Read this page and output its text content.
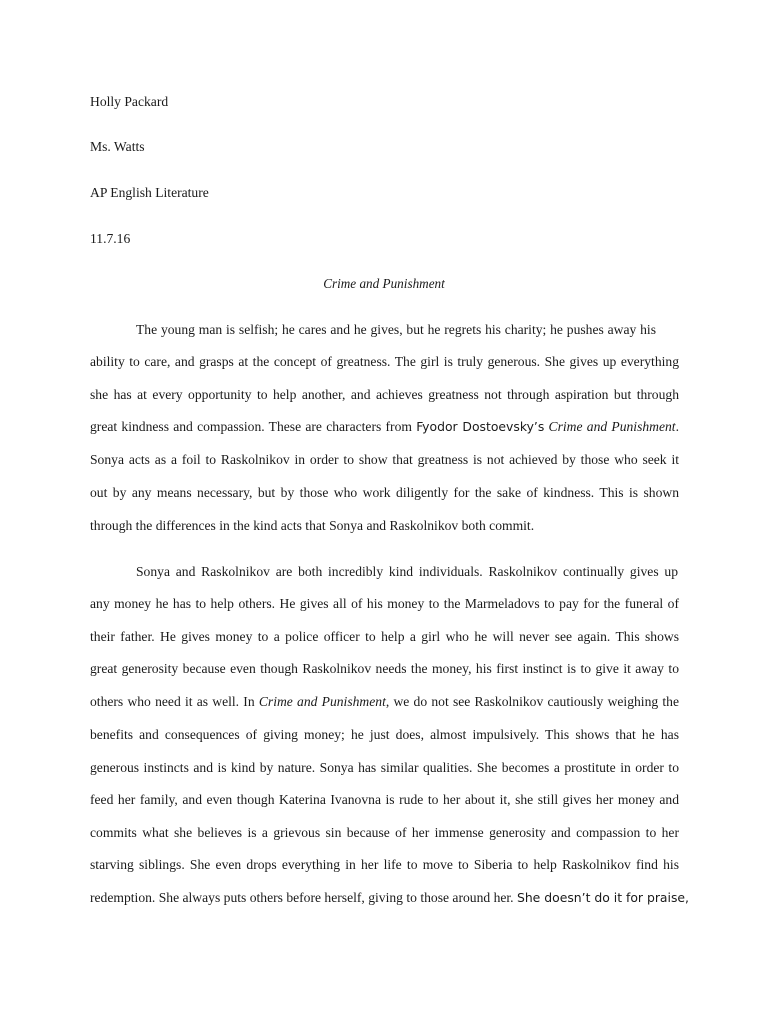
Holly Packard
Ms. Watts
AP English Literature
11.7.16
Crime and Punishment
The young man is selfish; he cares and he gives, but he regrets his charity; he pushes away his
ability to care, and grasps at the concept of greatness. The girl is truly generous. She gives up everything
she has at every opportunity to help another, and achieves greatness not through aspiration but through
great kindness and compassion. These are characters from Fyodor Dostoevsky’s Crime and Punishment.
Sonya acts as a foil to Raskolnikov in order to show that greatness is not achieved by those who seek it
out by any means necessary, but by those who work diligently for the sake of kindness. This is shown
through the differences in the kind acts that Sonya and Raskolnikov both commit.
Sonya and Raskolnikov are both incredibly kind individuals. Raskolnikov continually gives up
any money he has to help others. He gives all of his money to the Marmeladovs to pay for the funeral of
their father. He gives money to a police officer to help a girl who he will never see again. This shows
great generosity because even though Raskolnikov needs the money, his first instinct is to give it away to
others who need it as well. In Crime and Punishment, we do not see Raskolnikov cautiously weighing the
benefits and consequences of giving money; he just does, almost impulsively. This shows that he has
generous instincts and is kind by nature. Sonya has similar qualities. She becomes a prostitute in order to
feed her family, and even though Katerina Ivanovna is rude to her about it, she still gives her money and
commits what she believes is a grievous sin because of her immense generosity and compassion to her
starving siblings. She even drops everything in her life to move to Siberia to help Raskolnikov find his
redemption. She always puts others before herself, giving to those around her. She doesn’t do it for praise,
